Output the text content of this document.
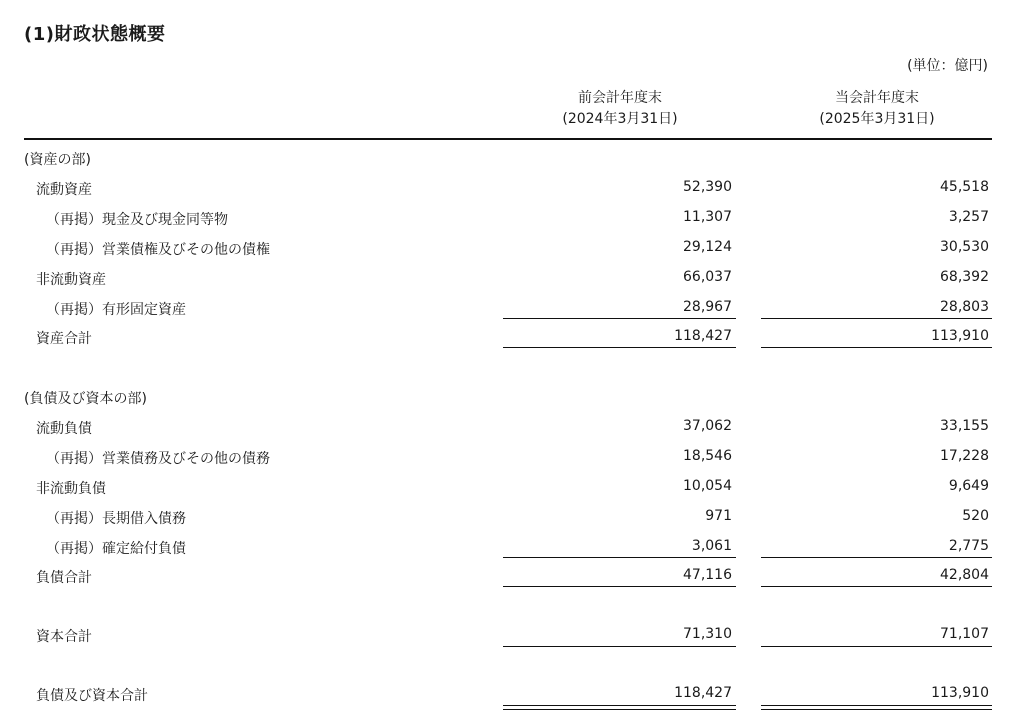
(1)財政状態概要
(単位：億円)
前会計年度末
(2024年3月31日)
当会計年度末
(2025年3月31日)
(資産の部)
流動資産	52,390	45,518
（再掲）現金及び現金同等物	11,307	3,257
（再掲）営業債権及びその他の債権	29,124	30,530
非流動資産	66,037	68,392
（再掲）有形固定資産	28,967	28,803
資産合計	118,427	113,910
(負債及び資本の部)
流動負債	37,062	33,155
（再掲）営業債務及びその他の債務	18,546	17,228
非流動負債	10,054	9,649
（再掲）長期借入債務	971	520
（再掲）確定給付負債	3,061	2,775
負債合計	47,116	42,804
資本合計	71,310	71,107
負債及び資本合計	118,427	113,910
